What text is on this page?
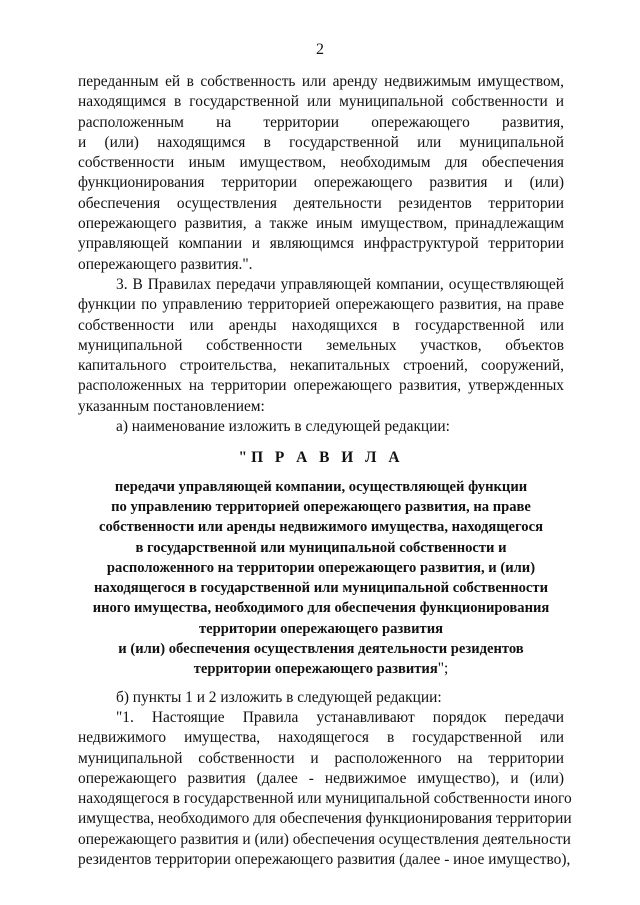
2
переданным ей в собственность или аренду недвижимым имуществом,
находящимся в государственной или муниципальной собственности и
расположенным на территории опережающего развития,
и (или) находящимся в государственной или муниципальной
собственности иным имуществом, необходимым для обеспечения
функционирования территории опережающего развития и (или)
обеспечения осуществления деятельности резидентов территории
опережающего развития, а также иным имуществом, принадлежащим
управляющей компании и являющимся инфраструктурой территории
опережающего развития.".
3. В Правилах передачи управляющей компании, осуществляющей
функции по управлению территорией опережающего развития, на праве
собственности или аренды находящихся в государственной или
муниципальной собственности земельных участков, объектов
капитального строительства, некапитальных строений, сооружений,
расположенных на территории опережающего развития, утвержденных
указанным постановлением:
а) наименование изложить в следующей редакции:
"П Р А В И Л А
передачи управляющей компании, осуществляющей функции
по управлению территорией опережающего развития, на праве
собственности или аренды недвижимого имущества, находящегося
в государственной или муниципальной собственности и
расположенного на территории опережающего развития, и (или)
находящегося в государственной или муниципальной собственности
иного имущества, необходимого для обеспечения функционирования
территории опережающего развития
и (или) обеспечения осуществления деятельности резидентов
территории опережающего развития";
б) пункты 1 и 2 изложить в следующей редакции:
"1. Настоящие Правила устанавливают порядок передачи
недвижимого имущества, находящегося в государственной или
муниципальной собственности и расположенного на территории
опережающего развития (далее - недвижимое имущество), и (или)
находящегося в государственной или муниципальной собственности иного
имущества, необходимого для обеспечения функционирования территории
опережающего развития и (или) обеспечения осуществления деятельности
резидентов территории опережающего развития (далее - иное имущество),
